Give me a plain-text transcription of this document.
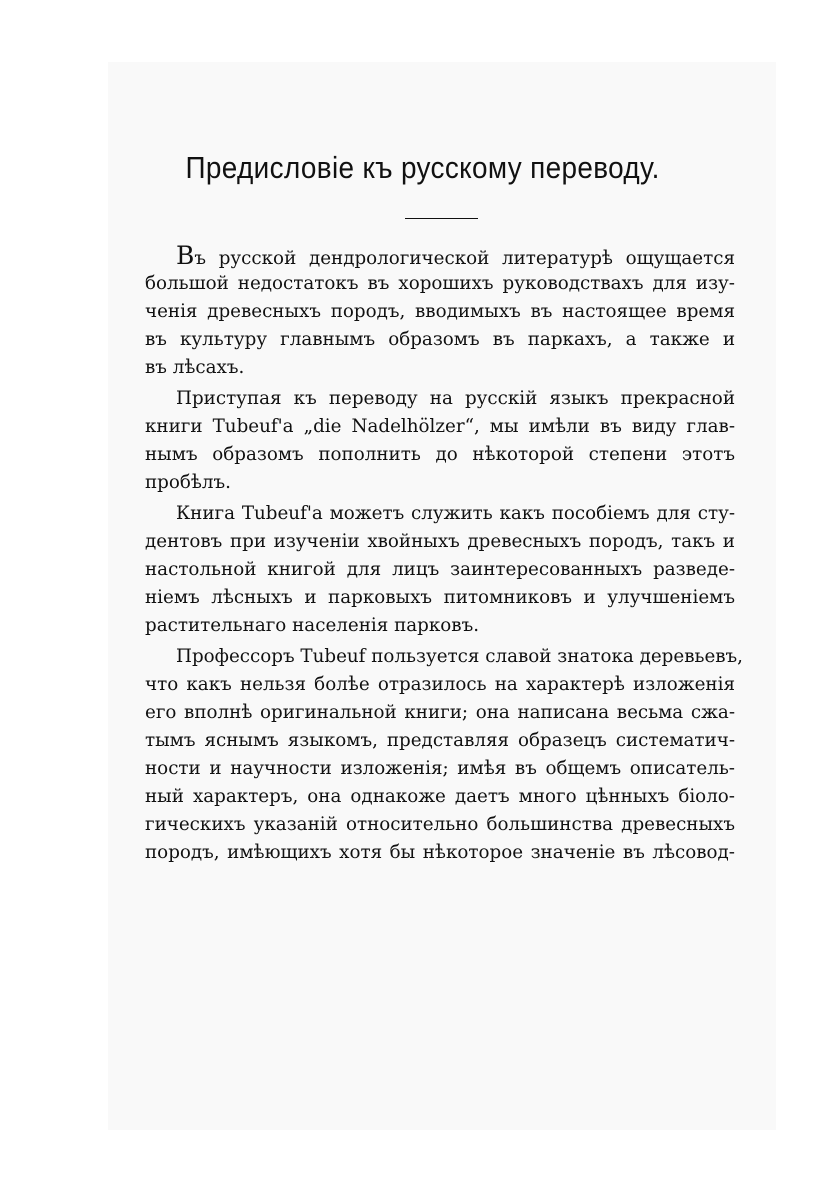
Предисловіе къ русскому переводу.
Въ русской дендрологической литературѣ ощущается
большой недостатокъ въ хорошихъ руководствахъ для изу-
ченія древесныхъ породъ, вводимыхъ въ настоящее время
въ культуру главнымъ образомъ въ паркахъ, а также и
въ лѣсахъ.
Приступая къ переводу на русскій языкъ прекрасной
книги Tubeuf'a „die Nadelhölzer“, мы имѣли въ виду глав-
нымъ образомъ пополнить до нѣкоторой степени этотъ
пробѣлъ.
Книга Tubeuf'a можетъ служить какъ пособіемъ для сту-
дентовъ при изученіи хвойныхъ древесныхъ породъ, такъ и
настольной книгой для лицъ заинтересованныхъ разведе-
ніемъ лѣсныхъ и парковыхъ питомниковъ и улучшеніемъ
растительнаго населенія парковъ.
Профессоръ Tubeuf пользуется славой знатока деревьевъ,
что какъ нельзя болѣе отразилось на характерѣ изложенія
его вполнѣ оригинальной книги; она написана весьма сжа-
тымъ яснымъ языкомъ, представляя образецъ систематич-
ности и научности изложенія; имѣя въ общемъ описатель-
ный характеръ, она однакоже даетъ много цѣнныхъ біоло-
гическихъ указаній относительно большинства древесныхъ
породъ, имѣющихъ хотя бы нѣкоторое значеніе въ лѣсовод-
